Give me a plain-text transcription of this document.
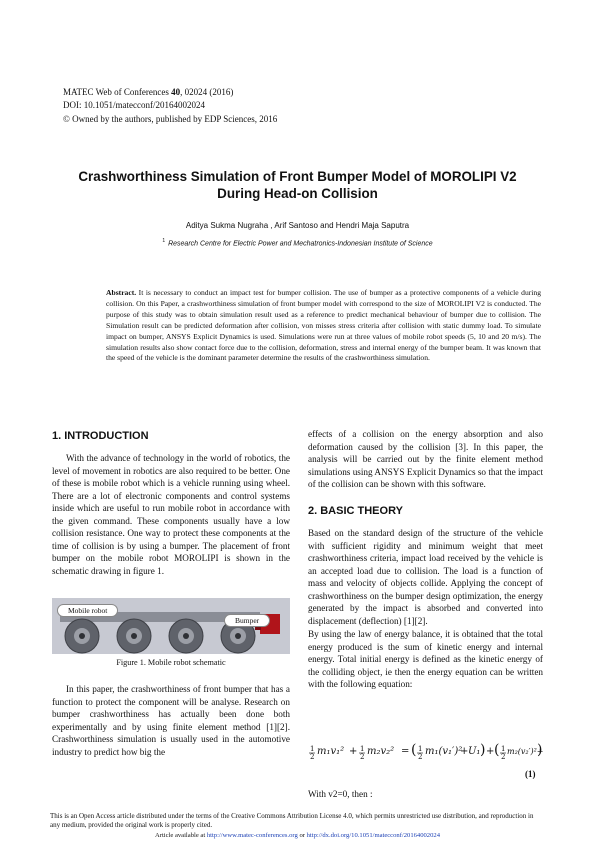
MATEC Web of Conferences 40, 02024 (2016)
DOI: 10.1051/matecconf/20164002024
© Owned by the authors, published by EDP Sciences, 2016
Crashworthiness Simulation of Front Bumper Model of MOROLIPI V2
During Head-on Collision
Aditya Sukma Nugraha , Arif Santoso and Hendri Maja Saputra
$^1$ Research Centre for Electric Power and Mechatronics-Indonesian Institute of Science

Abstract. It is necessary to conduct an impact test for bumper collision. The use of bumper as a protective components of a vehicle during collision. On this Paper, a crashworthiness simulation of front bumper model with correspond to the size of MOROLIPI V2 is conducted. The purpose of this study was to obtain simulation result used as a reference to predict mechanical behaviour of bumper due to collision. The Simulation result can be predicted deformation after collision, von misses stress criteria after collision with static dummy load. To simulate impact on bumper, ANSYS Explicit Dynamics is used. Simulations were run at three values of mobile robot speeds (5, 10 and 20 m/s). The simulation results also show contact force due to the collision, deformation, stress and internal energy of the bumper beam. It was known that the speed of the vehicle is the dominant parameter determine the results of the crashworthiness simulation.

1. INTRODUCTION

With the advance of technology in the world of robotics, the level of movement in robotics are also required to be better. One of these is mobile robot which is a vehicle running using wheel. There are a lot of electronic components and control systems inside which are useful to run mobile robot in accordance with the given command. These components usually have a low collision resistance. One way to protect these components at the time of collision is by using a bumper. The placement of front bumper on the mobile robot MOROLIPI is shown in the schematic drawing in figure 1.

Mobile robot
Bumper
Figure 1. Mobile robot schematic

In this paper, the crashworthiness of front bumper that has a function to protect the component will be analyse. Research on bumper crashworthiness has actually been done both experimentally and by using finite element method [1][2]. Crashworthiness simulation is usually used in the automotive industry to predict how big the

effects of a collision on the energy absorption and also deformation caused by the collision [3]. In this paper, the analysis will be carried out by the finite element method simulations using ANSYS Explicit Dynamics so that the impact of the collision can be shown with this software.

2. BASIC THEORY

Based on the standard design of the structure of the vehicle with sufficient rigidity and minimum weight that meet crashworthiness criteria, impact load received by the vehicle is an accepted load due to collision. The load is a function of mass and velocity of objects collide. Applying the concept of crashworthiness on the bumper design optimization, the energy generated by the impact is absorbed and converted into displacement (deflection) [1][2].

By using the law of energy balance, it is obtained that the total energy produced is the sum of kinetic energy and internal energy. Total initial energy is defined as the kinetic energy of the colliding object, ie then the energy equation can be written with the following equation:

1
2 m₁v₁² + 1
2 m₂v₂² = ( 1
2 m₁(v₁′)²
+ U₁ ) + ( 1
2
m₂(v₂′)²+
)
(1)
With v2=0, then :
This is an Open Access article distributed under the terms of the Creative Commons Attribution License 4.0, which permits unrestricted use distribution, and reproduction in any medium, provided the original work is properly cited.
Article available at http://www.matec-conferences.org or http://dx.doi.org/10.1051/matecconf/20164002024
